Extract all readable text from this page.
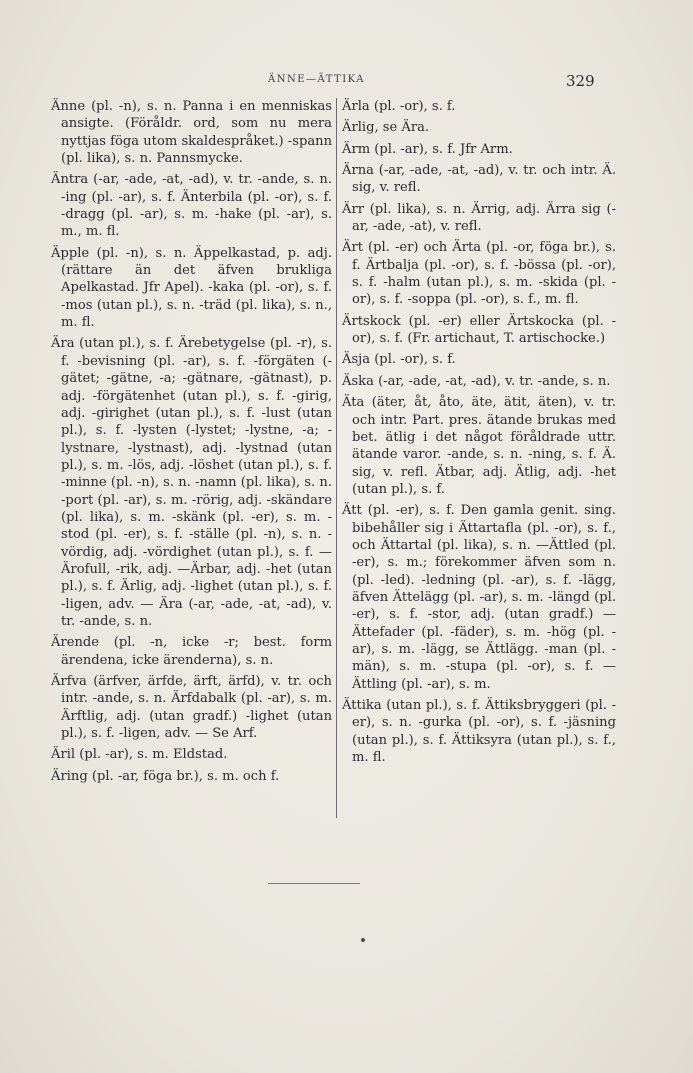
ÄNNE—ÄTTIKA	329

Änne (pl. -n), s. n. Panna i en menniskas ansigte. (Föråldr. ord, som nu mera nyttjas föga utom skaldespråket.) -spann (pl. lika), s. n. Pannsmycke.

Äntra (-ar, -ade, -at, -ad), v. tr. -ande, s. n. -ing (pl. -ar), s. f. Änterbila (pl. -or), s. f. -dragg (pl. -ar), s. m. -hake (pl. -ar), s. m., m. fl.

Äpple (pl. -n), s. n. Äppelkastad, p. adj. (rättare än det äfven brukliga Apelkastad. Jfr Apel). -kaka (pl. -or), s. f. -mos (utan pl.), s. n. -träd (pl. lika), s. n., m. fl.

Ära (utan pl.), s. f. Ärebetygelse (pl. -r), s. f. -bevisning (pl. -ar), s. f. -förgäten (-gätet; -gätne, -a; -gätnare, -gätnast), p. adj. -förgätenhet (utan pl.), s. f. -girig, adj. -girighet (utan pl.), s. f. -lust (utan pl.), s. f. -lysten (-lystet; -lystne, -a; -lystnare, -lystnast), adj. -lystnad (utan pl.), s. m. -lös, adj. -löshet (utan pl.), s. f. -minne (pl. -n), s. n. -namn (pl. lika), s. n. -port (pl. -ar), s. m. -rörig, adj. -skändare (pl. lika), s. m. -skänk (pl. -er), s. m. -stod (pl. -er), s. f. -ställe (pl. -n), s. n. -vördig, adj. -vördighet (utan pl.), s. f. —Ärofull, -rik, adj. —Ärbar, adj. -het (utan pl.), s. f. Ärlig, adj. -lighet (utan pl.), s. f. -ligen, adv. — Ära (-ar, -ade, -at, -ad), v. tr. -ande, s. n.

Ärende (pl. -n, icke -r; best. form ärendena, icke ärenderna), s. n.

Ärfva (ärfver, ärfde, ärft, ärfd), v. tr. och intr. -ande, s. n. Ärfdabalk (pl. -ar), s. m. Ärftlig, adj. (utan gradf.) -lighet (utan pl.), s. f. -ligen, adv. — Se Arf.

Äril (pl. -ar), s. m. Eldstad.

Äring (pl. -ar, föga br.), s. m. och f.

Ärla (pl. -or), s. f.

Ärlig, se Ära.

Ärm (pl. -ar), s. f. Jfr Arm.

Ärna (-ar, -ade, -at, -ad), v. tr. och intr. Ä. sig, v. refl.

Ärr (pl. lika), s. n. Ärrig, adj. Ärra sig (-ar, -ade, -at), v. refl.

Ärt (pl. -er) och Ärta (pl. -or, föga br.), s. f. Ärtbalja (pl. -or), s. f. -bössa (pl. -or), s. f. -halm (utan pl.), s. m. -skida (pl. -or), s. f. -soppa (pl. -or), s. f., m. fl.

Ärtskock (pl. -er) eller Ärtskocka (pl. -or), s. f. (Fr. artichaut, T. artischocke.)

Äsja (pl. -or), s. f.

Äska (-ar, -ade, -at, -ad), v. tr. -ande, s. n.

Äta (äter, åt, åto, äte, ätit, äten), v. tr. och intr. Part. pres. ätande brukas med bet. ätlig i det något föråldrade uttr. ätande varor. -ande, s. n. -ning, s. f. Ä. sig, v. refl. Ätbar, adj. Ätlig, adj. -het (utan pl.), s. f.

Ätt (pl. -er), s. f. Den gamla genit. sing. bibehåller sig i Ättartafla (pl. -or), s. f., och Ättartal (pl. lika), s. n. —Ättled (pl. -er), s. m.; förekommer äfven som n. (pl. -led). -ledning (pl. -ar), s. f. -lägg, äfven Ättelägg (pl. -ar), s. m. -längd (pl. -er), s. f. -stor, adj. (utan gradf.) — Ättefader (pl. -fäder), s. m. -hög (pl. -ar), s. m. -lägg, se Ättlägg. -man (pl. -män), s. m. -stupa (pl. -or), s. f. — Ättling (pl. -ar), s. m.

Ättika (utan pl.), s. f. Ättiksbryggeri (pl. -er), s. n. -gurka (pl. -or), s. f. -jäsning (utan pl.), s. f. Ättiksyra (utan pl.), s. f., m. fl.
